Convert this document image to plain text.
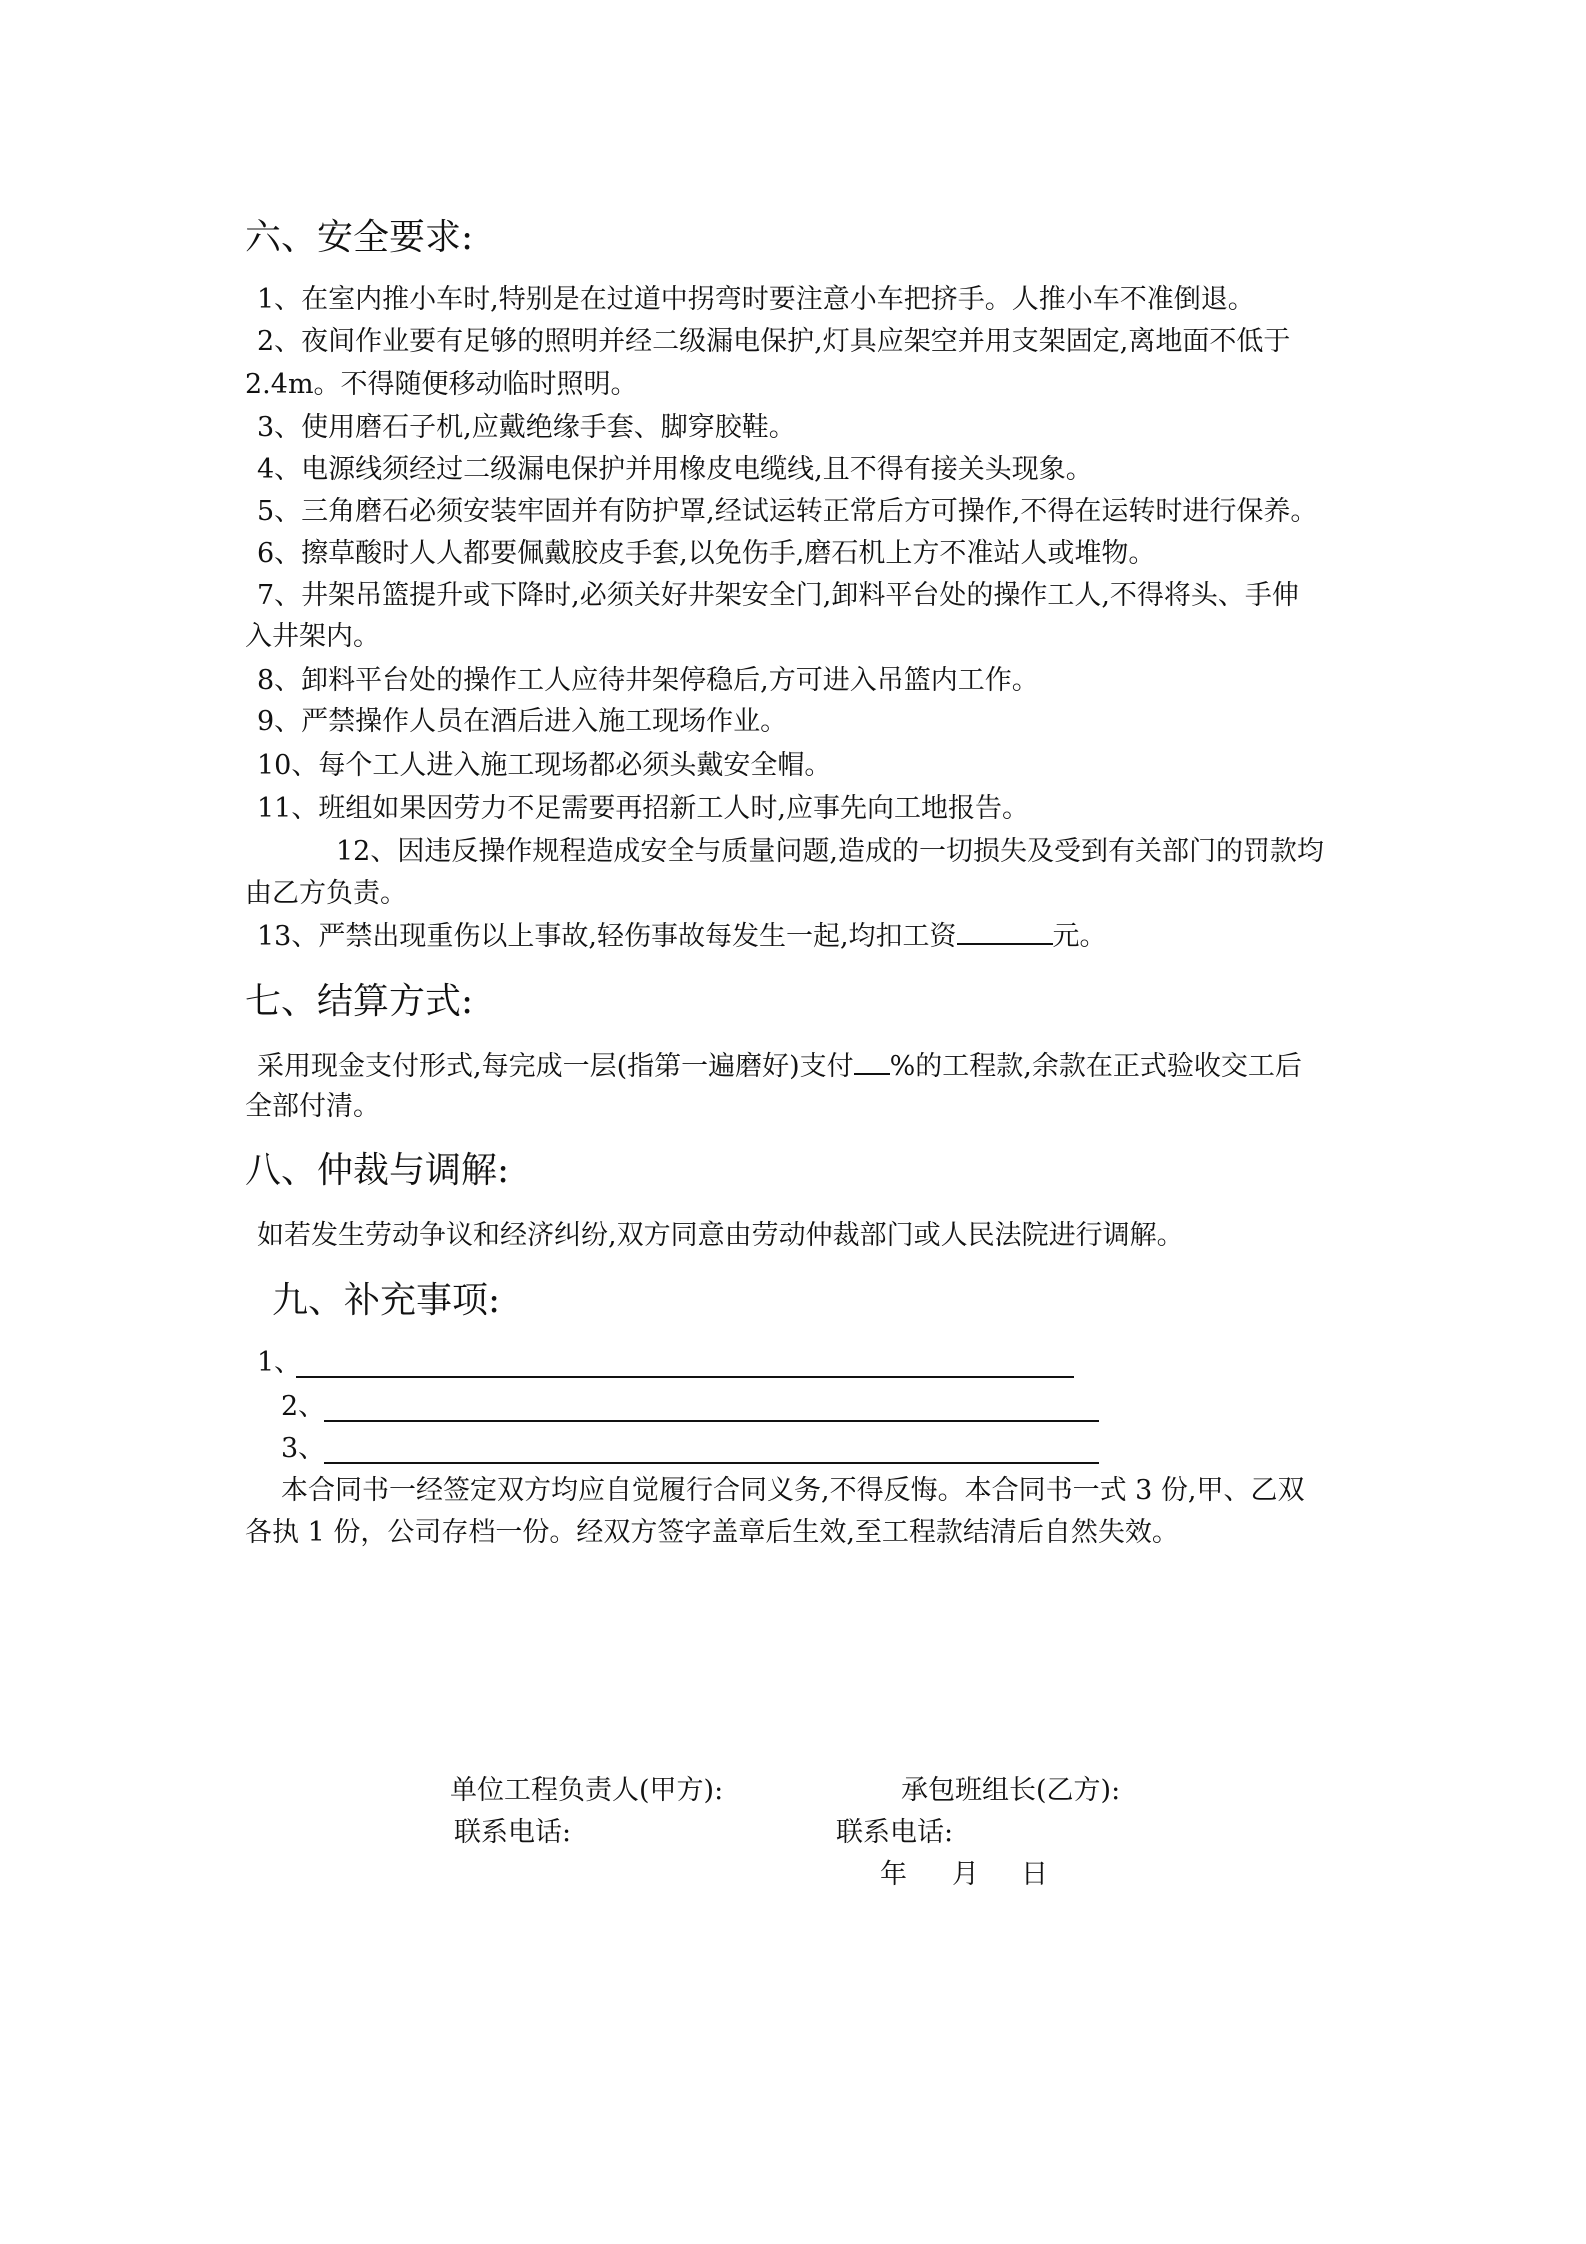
六、安全要求:
1、在室内推小车时,特别是在过道中拐弯时要注意小车把挤手。人推小车不准倒退。
2、夜间作业要有足够的照明并经二级漏电保护,灯具应架空并用支架固定,离地面不低于
2.4m。不得随便移动临时照明。
3、使用磨石子机,应戴绝缘手套、脚穿胶鞋。
4、电源线须经过二级漏电保护并用橡皮电缆线,且不得有接关头现象。
5、三角磨石必须安装牢固并有防护罩,经试运转正常后方可操作,不得在运转时进行保养。
6、擦草酸时人人都要佩戴胶皮手套,以免伤手,磨石机上方不准站人或堆物。
7、井架吊篮提升或下降时,必须关好井架安全门,卸料平台处的操作工人,不得将头、手伸
入井架内。
8、卸料平台处的操作工人应待井架停稳后,方可进入吊篮内工作。
9、严禁操作人员在酒后进入施工现场作业。
10、每个工人进入施工现场都必须头戴安全帽。
11、班组如果因劳力不足需要再招新工人时,应事先向工地报告。
12、因违反操作规程造成安全与质量问题,造成的一切损失及受到有关部门的罚款均
由乙方负责。
13、严禁出现重伤以上事故,轻伤事故每发生一起,均扣工资	元。
七、结算方式:
采用现金支付形式,每完成一层(指第一遍磨好)支付 %的工程款,余款在正式验收交工后
全部付清。
八、仲裁与调解:
如若发生劳动争议和经济纠纷,双方同意由劳动仲裁部门或人民法院进行调解。
九、补充事项:
1、
2、
3、
本合同书一经签定双方均应自觉履行合同义务,不得反悔。本合同书一式 3 份,甲、乙双
各执 1 份，公司存档一份。经双方签字盖章后生效,至工程款结清后自然失效。
单位工程负责人(甲方):	承包班组长(乙方):
联系电话:	联系电话:
年 月 日
